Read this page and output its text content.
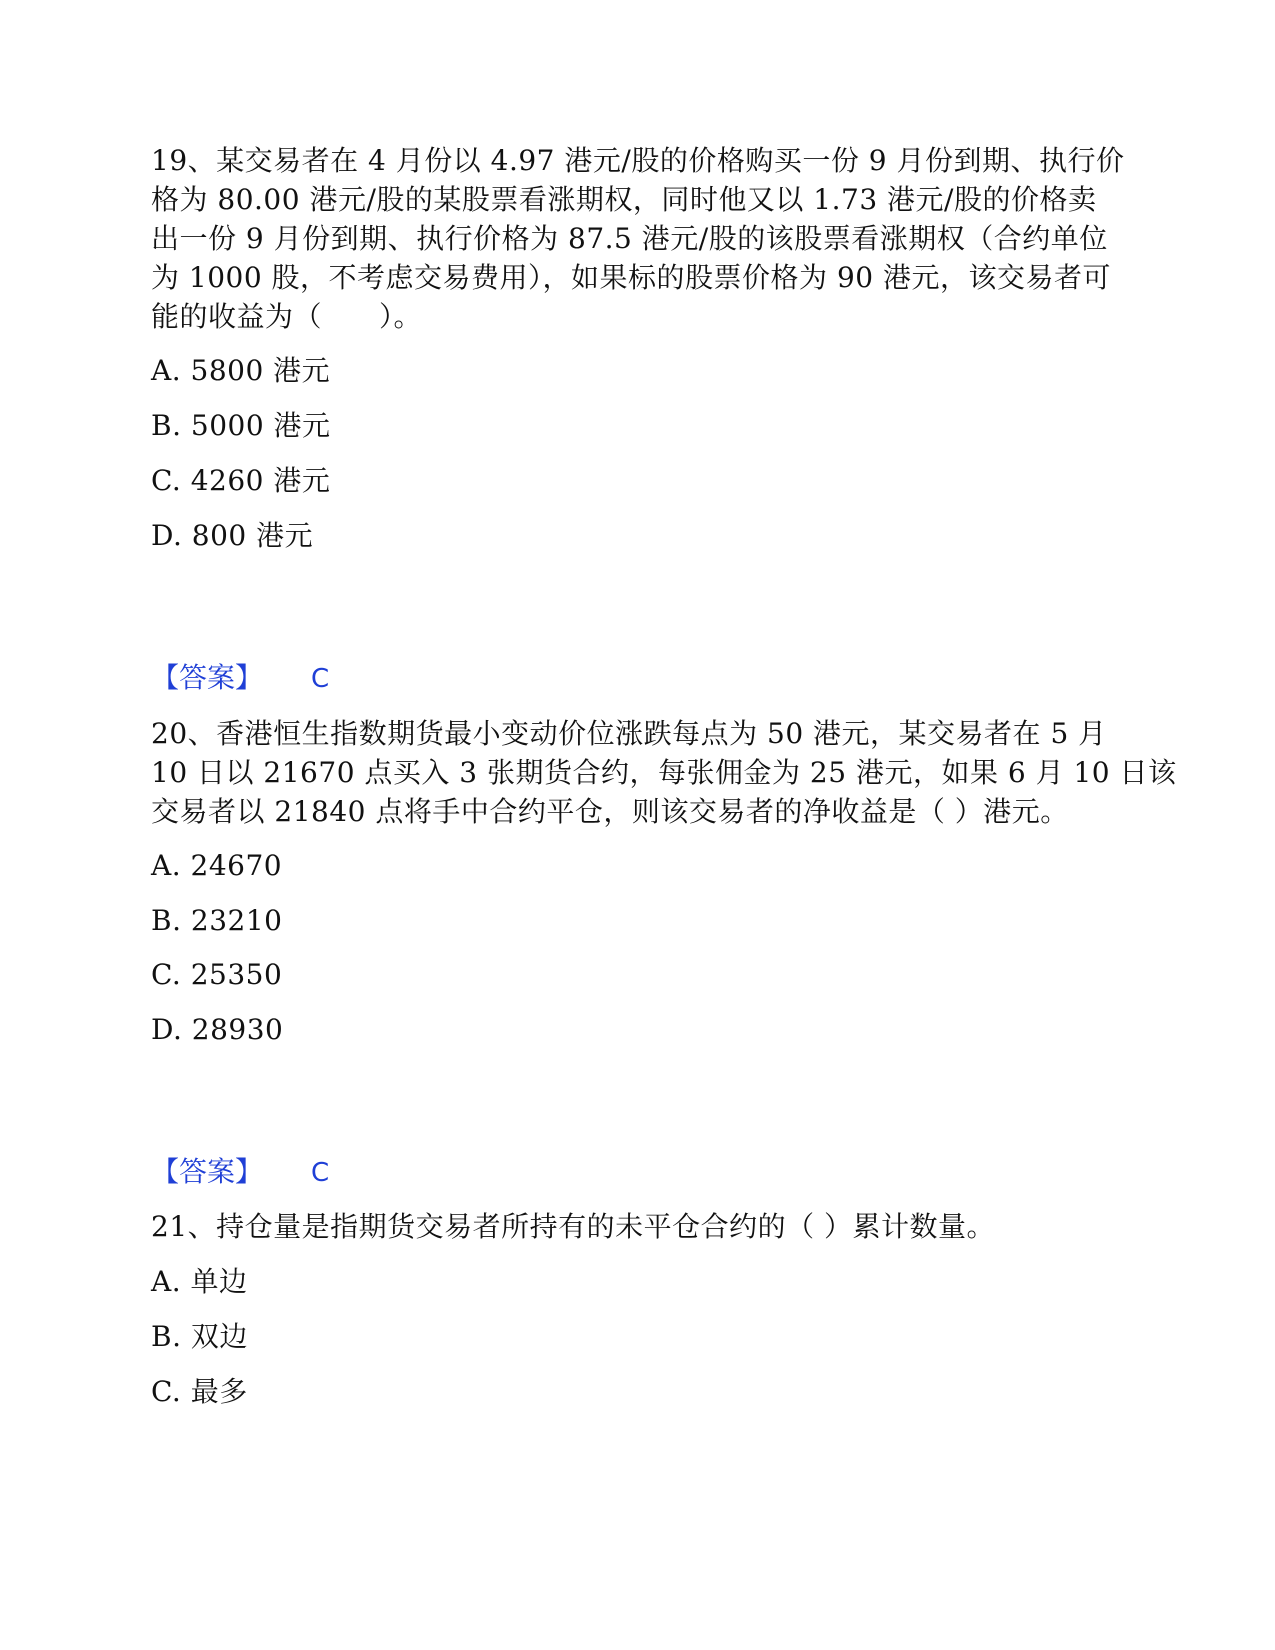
19、某交易者在 4 月份以 4.97 港元/股的价格购买一份 9 月份到期、执行价
格为 80.00 港元/股的某股票看涨期权，同时他又以 1.73 港元/股的价格卖
出一份 9 月份到期、执行价格为 87.5 港元/股的该股票看涨期权（合约单位
为 1000 股，不考虑交易费用），如果标的股票价格为 90 港元，该交易者可
能的收益为（　　）。
A. 5800 港元
B. 5000 港元
C. 4260 港元
D. 800 港元
【答案】 C
20、香港恒生指数期货最小变动价位涨跌每点为 50 港元，某交易者在 5 月
10 日以 21670 点买入 3 张期货合约，每张佣金为 25 港元，如果 6 月 10 日该
交易者以 21840 点将手中合约平仓，则该交易者的净收益是（ ）港元。
A. 24670
B. 23210
C. 25350
D. 28930
【答案】 C
21、持仓量是指期货交易者所持有的未平仓合约的（ ）累计数量。
A. 单边
B. 双边
C. 最多
